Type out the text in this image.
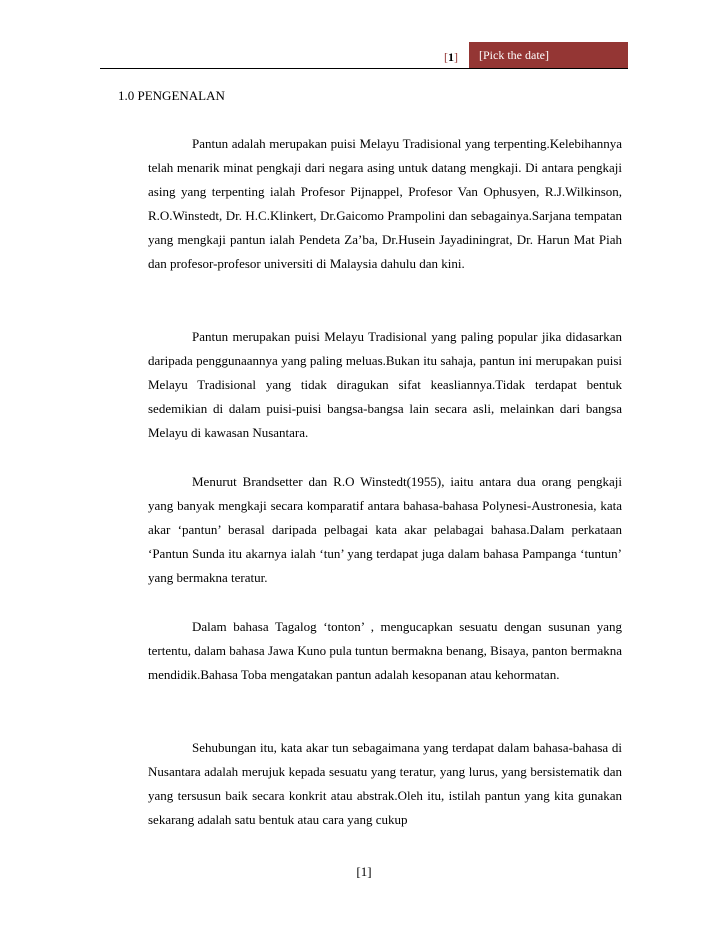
[1]	[Pick the date]
1.0 PENGENALAN

Pantun adalah merupakan puisi Melayu Tradisional yang terpenting.Kelebihannya telah menarik minat pengkaji dari negara asing untuk datang mengkaji. Di antara pengkaji asing yang terpenting ialah Profesor Pijnappel, Profesor Van Ophusyen, R.J.Wilkinson, R.O.Winstedt, Dr. H.C.Klinkert, Dr.Gaicomo Prampolini dan sebagainya.Sarjana tempatan yang mengkaji pantun ialah Pendeta Za’ba, Dr.Husein Jayadiningrat, Dr. Harun Mat Piah dan profesor-profesor universiti di Malaysia dahulu dan kini.

Pantun merupakan puisi Melayu Tradisional yang paling popular jika didasarkan daripada penggunaannya yang paling meluas.Bukan itu sahaja, pantun ini merupakan puisi Melayu Tradisional yang tidak diragukan sifat keasliannya.Tidak terdapat bentuk sedemikian di dalam puisi-puisi bangsa-bangsa lain secara asli, melainkan dari bangsa Melayu di kawasan Nusantara.

Menurut Brandsetter dan R.O Winstedt(1955), iaitu antara dua orang pengkaji yang banyak mengkaji secara komparatif antara bahasa-bahasa Polynesi-Austronesia, kata akar ‘pantun’ berasal daripada pelbagai kata akar pelabagai bahasa.Dalam perkataan ‘Pantun Sunda itu akarnya ialah ‘tun’ yang terdapat juga dalam bahasa Pampanga ‘tuntun’ yang bermakna teratur.

Dalam bahasa Tagalog ‘tonton’ , mengucapkan sesuatu dengan susunan yang tertentu, dalam bahasa Jawa Kuno pula tuntun bermakna benang, Bisaya, panton bermakna mendidik.Bahasa Toba mengatakan pantun adalah kesopanan atau kehormatan.

Sehubungan itu, kata akar tun sebagaimana yang terdapat dalam bahasa-bahasa di Nusantara adalah merujuk kepada sesuatu yang teratur, yang lurus, yang bersistematik dan yang tersusun baik secara konkrit atau abstrak.Oleh itu, istilah pantun yang kita gunakan sekarang adalah satu bentuk atau cara yang cukup

[1]
